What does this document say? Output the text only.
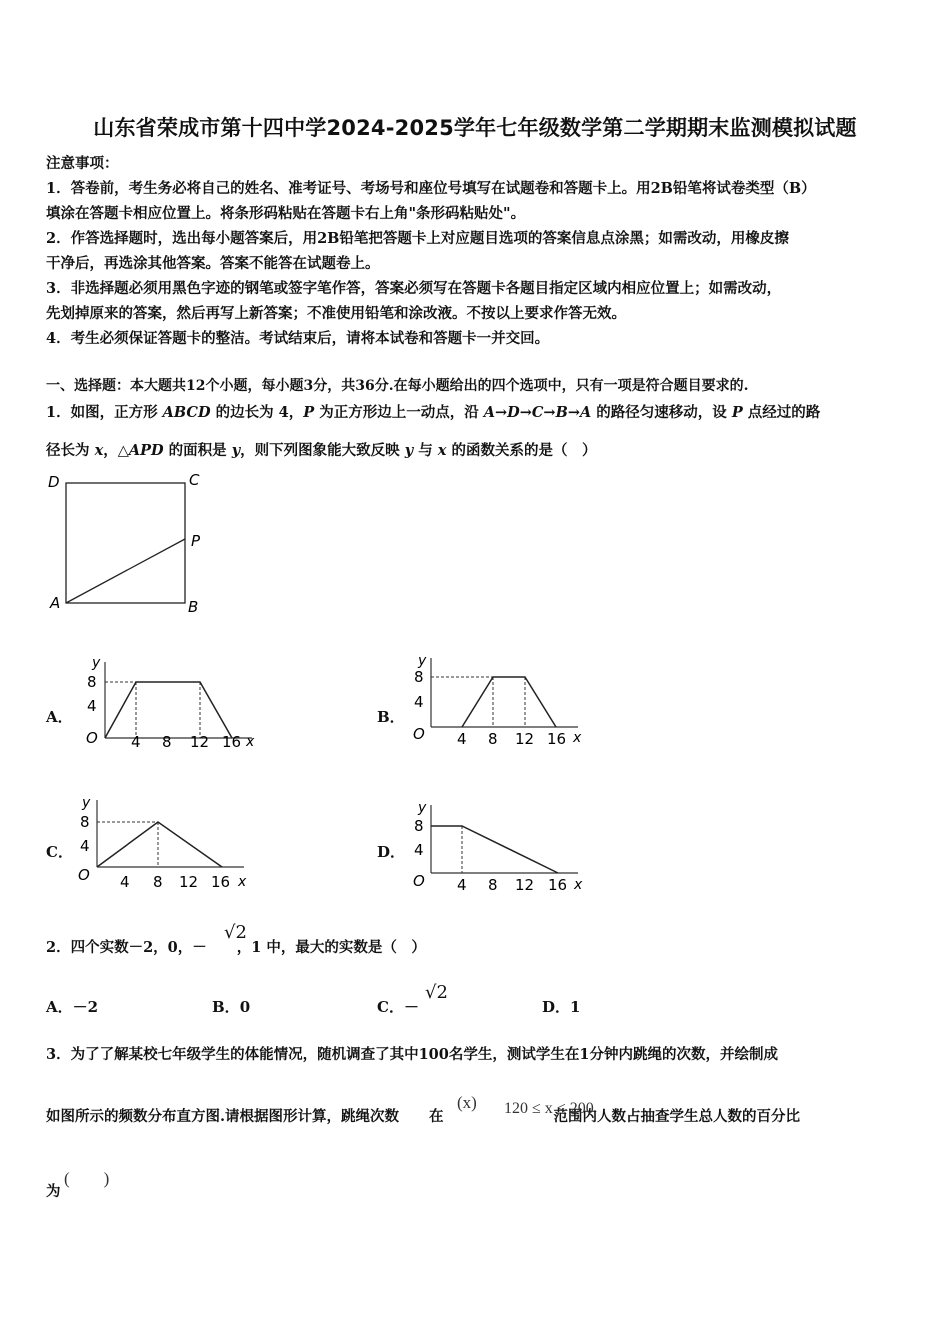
山东省荣成市第十四中学2024-2025学年七年级数学第二学期期末监测模拟试题
注意事项：
1．答卷前，考生务必将自己的姓名、准考证号、考场号和座位号填写在试题卷和答题卡上。用2B铅笔将试卷类型（B）
填涂在答题卡相应位置上。将条形码粘贴在答题卡右上角"条形码粘贴处"。
2．作答选择题时，选出每小题答案后，用2B铅笔把答题卡上对应题目选项的答案信息点涂黑；如需改动，用橡皮擦
干净后，再选涂其他答案。答案不能答在试题卷上。
3．非选择题必须用黑色字迹的钢笔或签字笔作答，答案必须写在答题卡各题目指定区域内相应位置上；如需改动，
先划掉原来的答案，然后再写上新答案；不准使用铅笔和涂改液。不按以上要求作答无效。
4．考生必须保证答题卡的整洁。考试结束后，请将本试卷和答题卡一并交回。
一、选择题：本大题共12个小题，每小题3分，共36分.在每小题给出的四个选项中，只有一项是符合题目要求的.
1．如图，正方形 ABCD 的边长为 4，P 为正方形边上一动点，沿 A→D→C→B→A 的路径匀速移动，设 P 点经过的路
径长为 x，△APD 的面积是 y，则下列图象能大致反映 y 与 x 的函数关系的是（　）
D	C
P
A	B
A．
y
8
4
O 4 8 12 16 x
B．
y
8
4
O 4 8 12 16 x
C．
y
8
4
O 4 8 12 16 x
D．
y
8
4
O 4 8 12 16 x
2．四个实数－2，0，－ ，1 中，最大的实数是（　）
√2
A．－2	B．0	C．－
√2
D．1
3．为了了解某校七年级学生的体能情况，随机调查了其中100名学生，测试学生在1分钟内跳绳的次数，并绘制成
如图所示的频数分布直方图.请根据图形计算，跳绳次数 在	范围内人数占抽查学生总人数的百分比
(x) 120 ≤ x < 200
为
(　　)
